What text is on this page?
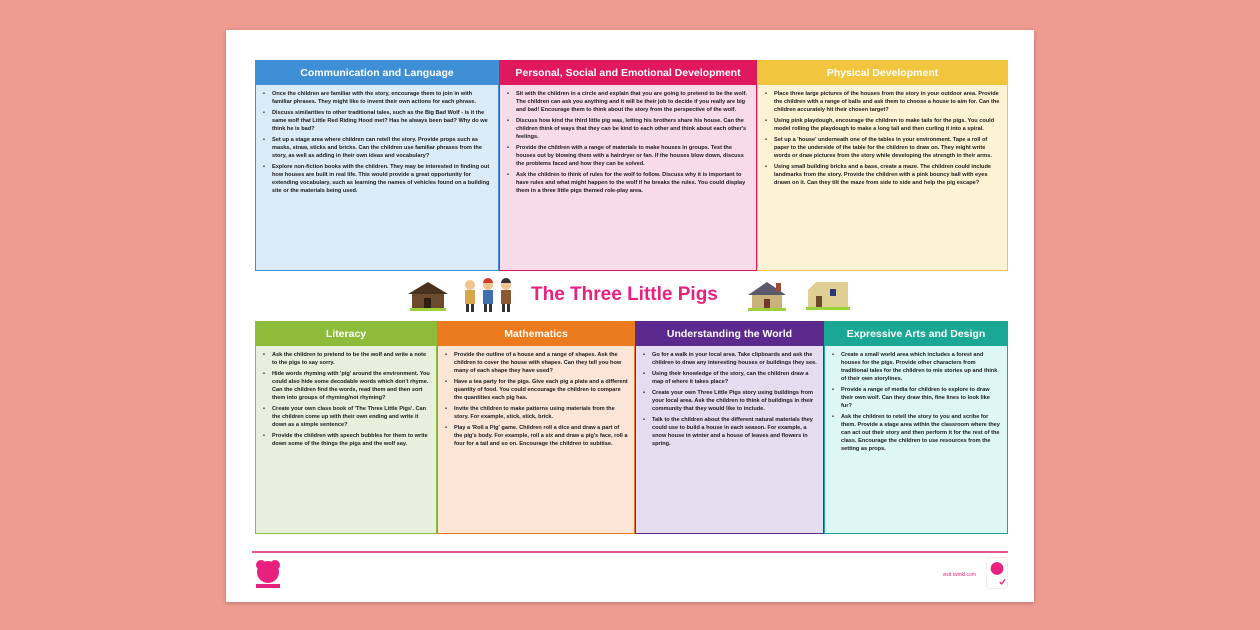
Communication and Language
• Once the children are familiar with the story, encourage them to join in with familiar phrases. They might like to invent their own actions for each phrase.
• Discuss similarities to other traditional tales, such as the Big Bad Wolf - is it the same wolf that Little Red Riding Hood met? Has he always been bad? Why do we think he is bad?
• Set up a stage area where children can retell the story. Provide props such as masks, straw, sticks and bricks. Can the children use familiar phrases from the story, as well as adding in their own ideas and vocabulary?
• Explore non-fiction books with the children. They may be interested in finding out how houses are built in real life. This would provide a great opportunity for extending vocabulary, such as learning the names of vehicles found on a building site or the materials being used.
Personal, Social and Emotional Development
• Sit with the children in a circle and explain that you are going to pretend to be the wolf. The children can ask you anything and it will be their job to decide if you really are big and bad! Encourage them to think about the story from the perspective of the wolf.
• Discuss how kind the third little pig was, letting his brothers share his house. Can the children think of ways that they can be kind to each other and think about each other's feelings.
• Provide the children with a range of materials to make houses in groups. Test the houses out by blowing them with a hairdryer or fan. If the houses blow down, discuss the problems faced and how they can be solved.
• Ask the children to think of rules for the wolf to follow. Discuss why it is important to have rules and what might happen to the wolf if he breaks the rules. You could display them in a three little pigs themed role-play area.
Physical Development
• Place three large pictures of the houses from the story in your outdoor area. Provide the children with a range of balls and ask them to choose a house to aim for. Can the children accurately hit their chosen target?
• Using pink playdough, encourage the children to make tails for the pigs. You could model rolling the playdough to make a long tail and then curling it into a spiral.
• Set up a 'house' underneath one of the tables in your environment. Tape a roll of paper to the underside of the table for the children to draw on. They might write words or draw pictures from the story while developing the strength in their arms.
• Using small building bricks and a base, create a maze. The children could include landmarks from the story. Provide the children with a pink bouncy ball with eyes drawn on it. Can they tilt the maze from side to side and help the pig escape?
The Three Little Pigs
Literacy
• Ask the children to pretend to be the wolf and write a note to the pigs to say sorry.
• Hide words rhyming with 'pig' around the environment. You could also hide some decodable words which don't rhyme. Can the children find the words, read them and then sort them into groups of rhyming/not rhyming?
• Create your own class book of 'The Three Little Pigs'. Can the children come up with their own ending and write it down as a simple sentence?
• Provide the children with speech bubbles for them to write down some of the things the pigs and the wolf say.
Mathematics
• Provide the outline of a house and a range of shapes. Ask the children to cover the house with shapes. Can they tell you how many of each shape they have used?
• Have a tea party for the pigs. Give each pig a plate and a different quantity of food. You could encourage the children to compare the quantities each pig has.
• Invite the children to make patterns using materials from the story. For example, stick, stick, brick.
• Play a 'Roll a Pig' game. Children roll a dice and draw a part of the pig's body. For example, roll a six and draw a pig's face, roll a four for a tail and so on. Encourage the children to subitise.
Understanding the World
• Go for a walk in your local area. Take clipboards and ask the children to draw any interesting houses or buildings they see.
• Using their knowledge of the story, can the children draw a map of where it takes place?
• Create your own Three Little Pigs story using buildings from your local area. Ask the children to think of buildings in their community that they would like to include.
• Talk to the children about the different natural materials they could use to build a house in each season. For example, a snow house in winter and a house of leaves and flowers in spring.
Expressive Arts and Design
• Create a small world area which includes a forest and houses for the pigs. Provide other characters from traditional tales for the children to mix stories up and think of their own storylines.
• Provide a range of media for children to explore to draw their own wolf. Can they draw thin, fine lines to look like fur?
• Ask the children to retell the story to you and scribe for them. Provide a stage area within the classroom where they can act out their story and then perform it for the rest of the class. Encourage the children to use resources from the setting as props.
visit twinkl.com
